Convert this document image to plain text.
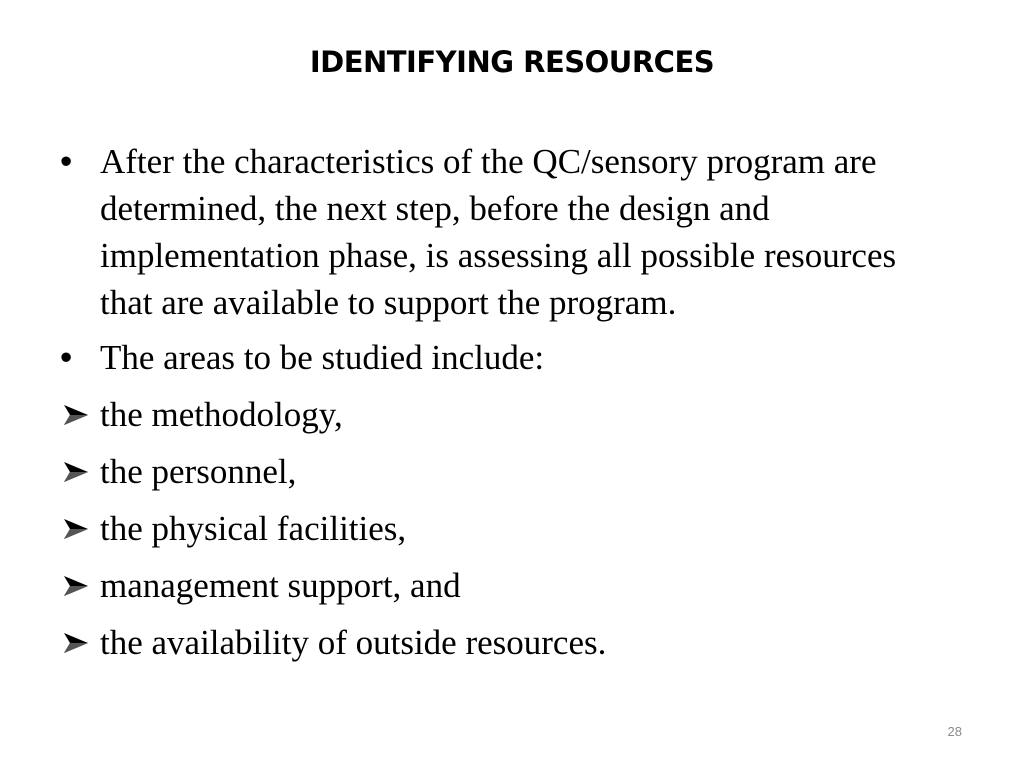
IDENTIFYING RESOURCES
• After the characteristics of the QC/sensory program are determined, the next step, before the design and implementation phase, is assessing all possible resources that are available to support the program.
• The areas to be studied include:
the methodology,
the personnel,
the physical facilities,
management support, and
the availability of outside resources.
28
